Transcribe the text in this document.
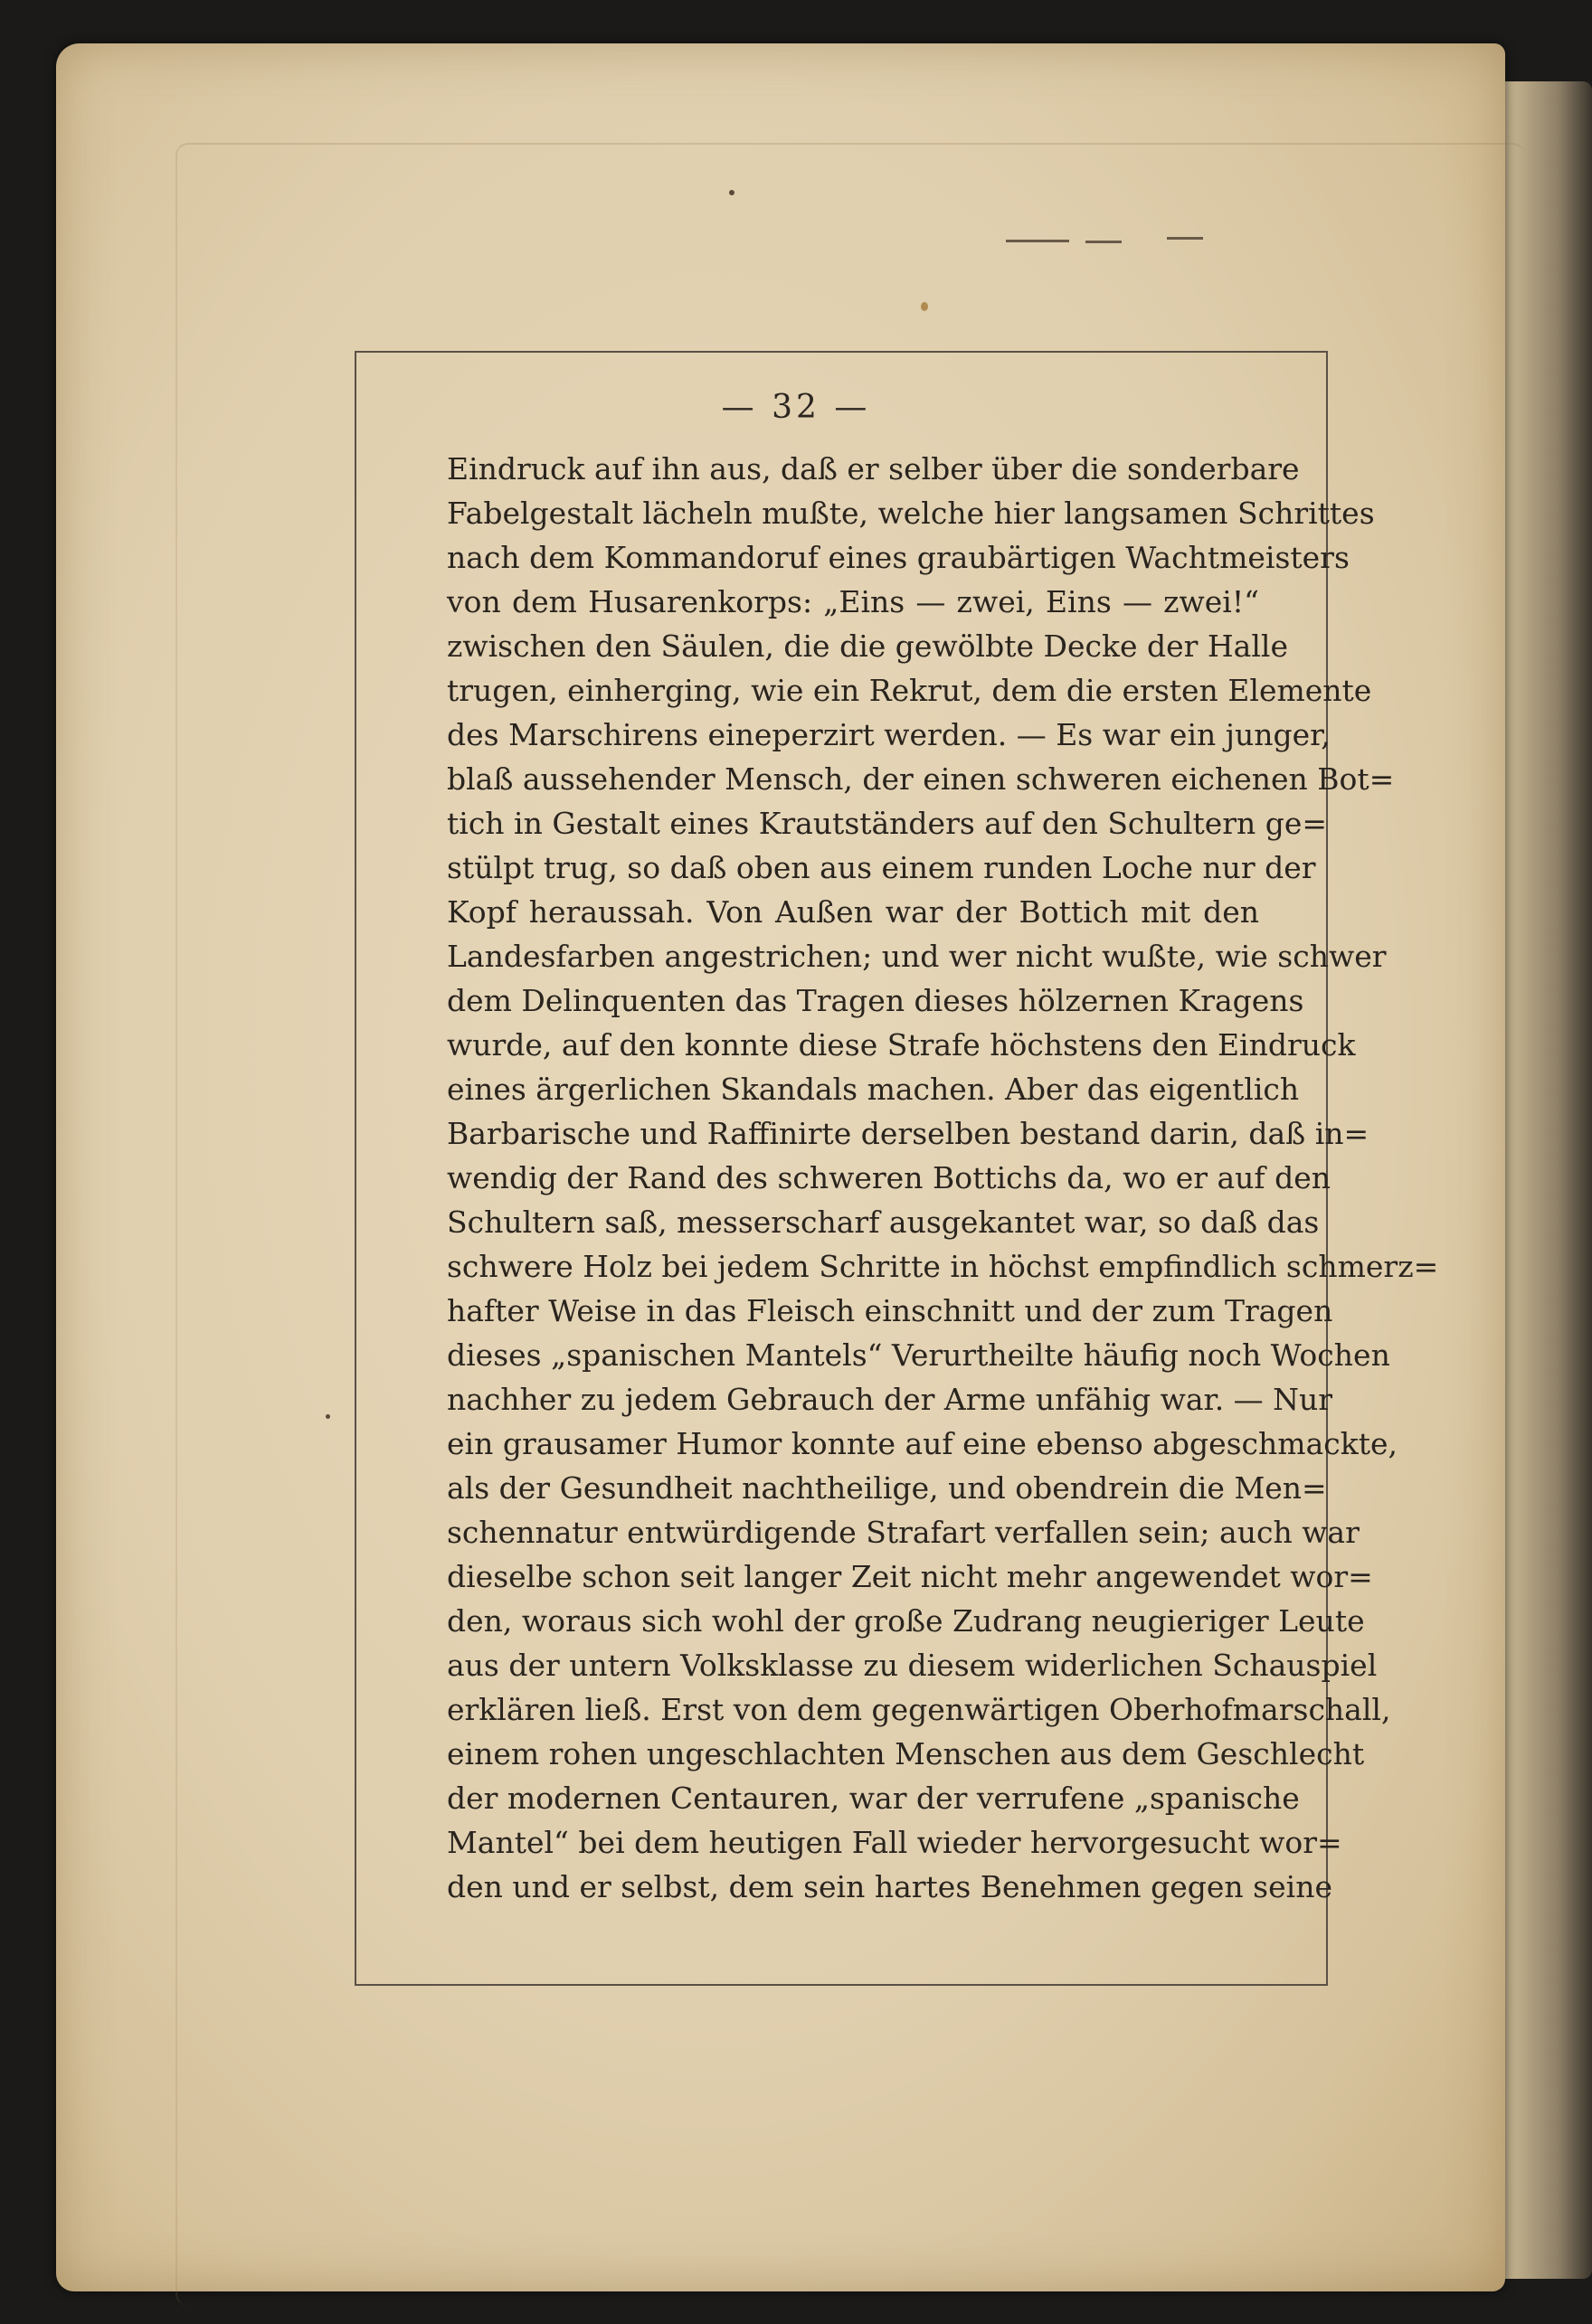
— 32 —
Eindruck auf ihn aus, daß er selber über die sonderbare
Fabelgestalt lächeln mußte, welche hier langsamen Schrittes
nach dem Kommandoruf eines graubärtigen Wachtmeisters
von dem Husarenkorps: „Eins — zwei, Eins — zwei!“
zwischen den Säulen, die die gewölbte Decke der Halle
trugen, einherging, wie ein Rekrut, dem die ersten Elemente
des Marschirens eineрerzirt werden. — Es war ein junger,
blaß aussehender Mensch, der einen schweren eichenen Bot=
tich in Gestalt eines Krautständers auf den Schultern ge=
stülpt trug, so daß oben aus einem runden Loche nur der
Kopf heraussah. Von Außen war der Bottich mit den
Landesfarben angestrichen; und wer nicht wußte, wie schwer
dem Delinquenten das Tragen dieses hölzernen Kragens
wurde, auf den konnte diese Strafe höchstens den Eindruck
eines ärgerlichen Skandals machen. Aber das eigentlich
Barbarische und Raffinirte derselben bestand darin, daß in=
wendig der Rand des schweren Bottichs da, wo er auf den
Schultern saß, messerscharf ausgekantet war, so daß das
schwere Holz bei jedem Schritte in höchst empfindlich schmerz=
hafter Weise in das Fleisch einschnitt und der zum Tragen
dieses „spanischen Mantels“ Verurtheilte häufig noch Wochen
nachher zu jedem Gebrauch der Arme unfähig war. — Nur
ein grausamer Humor konnte auf eine ebenso abgeschmackte,
als der Gesundheit nachtheilige, und obendrein die Men=
schennatur entwürdigende Strafart verfallen sein; auch war
dieselbe schon seit langer Zeit nicht mehr angewendet wor=
den, woraus sich wohl der große Zudrang neugieriger Leute
aus der untern Volksklasse zu diesem widerlichen Schauspiel
erklären ließ. Erst von dem gegenwärtigen Oberhofmarschall,
einem rohen ungeschlachten Menschen aus dem Geschlecht
der modernen Centauren, war der verrufene „spanische
Mantel“ bei dem heutigen Fall wieder hervorgesucht wor=
den und er selbst, dem sein hartes Benehmen gegen seine
